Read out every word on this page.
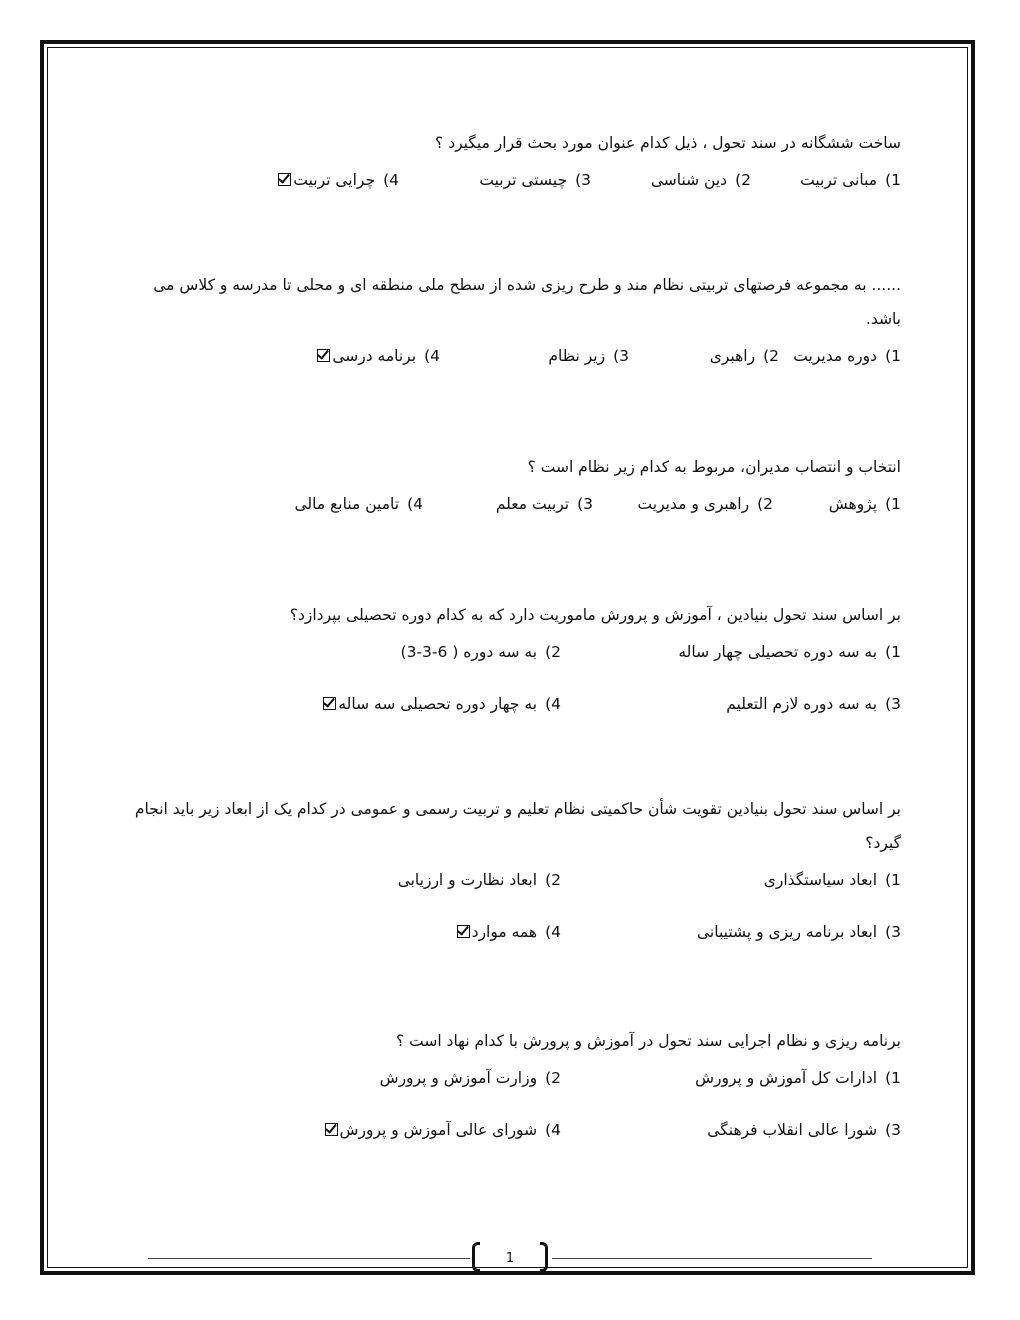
ساخت ششگانه در سند تحول ، ذیل کدام عنوان مورد بحث قرار میگیرد ؟

1)مبانی تربیت
2)دین شناسی
3)چیستی تربیت
4)چرایی تربیت

...... به مجموعه فرصتهای تربیتی نظام مند و طرح ریزی شده از سطح ملی منطقه ای و محلی تا مدرسه و کلاس می باشد.

1)دوره مدیریت
2)راهبری
3)زیر نظام
4)برنامه درسی

انتخاب و انتصاب مدیران، مربوط به کدام زیر نظام است ؟

1)پژوهش
2)راهبری و مدیریت
3)تربیت معلم
4)تامین منابع مالی

بر اساس سند تحول بنیادین ، آموزش و پرورش ماموریت دارد که به کدام دوره تحصیلی بپردازد؟

1)به سه دوره تحصیلی چهار ساله
2)به سه دوره ( 6-3-3)
3)به سه دوره لازم التعلیم
4)به چهار دوره تحصیلی سه ساله

بر اساس سند تحول بنیادین تقویت شأن حاکمیتی نظام تعلیم و تربیت رسمی و عمومی در کدام یک از ابعاد زیر باید انجام گیرد؟

1)ابعاد سیاستگذاری
2)ابعاد نظارت و ارزیابی
3)ابعاد برنامه ریزی و پشتیبانی
4)همه موارد

برنامه ریزی و نظام اجرایی سند تحول در آموزش و پرورش با کدام نهاد است ؟

1)ادارات کل آموزش و پرورش
2)وزارت آموزش و پرورش
3)شورا عالی انقلاب فرهنگی
4)شورای عالی آموزش و پرورش
1
